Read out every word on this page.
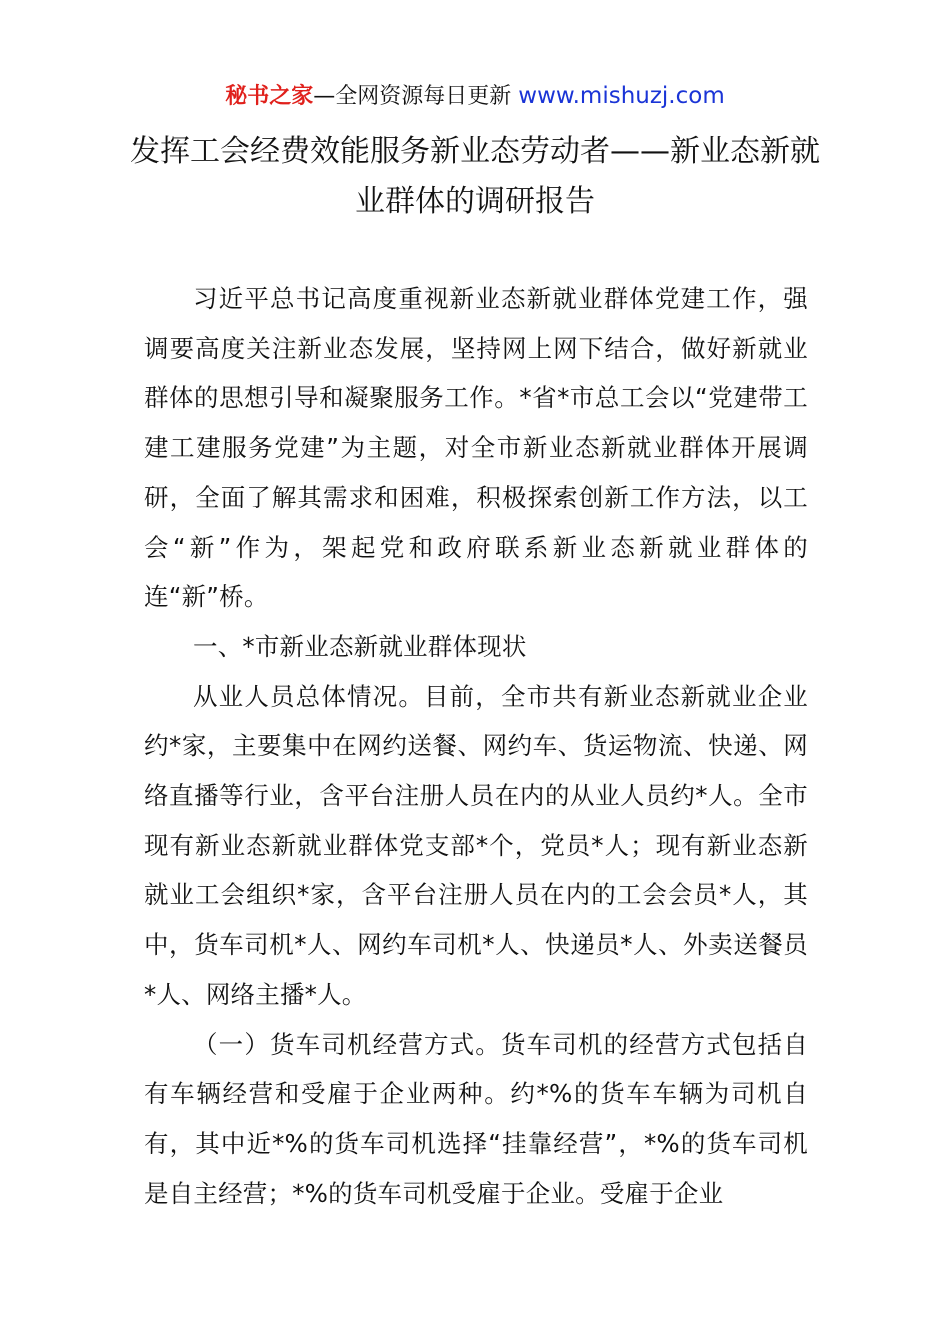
秘书之家—全网资源每日更新 www.mishuzj.com
发挥工会经费效能服务新业态劳动者——新业态新就业群体的调研报告

习近平总书记高度重视新业态新就业群体党建工作，强调要高度关注新业态发展，坚持网上网下结合，做好新就业群体的思想引导和凝聚服务工作。*省*市总工会以“党建带工建工建服务党建”为主题，对全市新业态新就业群体开展调研，全面了解其需求和困难，积极探索创新工作方法，以工会“新”作为，架起党和政府联系新业态新就业群体的连“新”桥。

一、*市新业态新就业群体现状

从业人员总体情况。目前，全市共有新业态新就业企业约*家，主要集中在网约送餐、网约车、货运物流、快递、网络直播等行业，含平台注册人员在内的从业人员约*人。全市现有新业态新就业群体党支部*个，党员*人；现有新业态新就业工会组织*家，含平台注册人员在内的工会会员*人，其中，货车司机*人、网约车司机*人、快递员*人、外卖送餐员*人、网络主播*人。

（一）货车司机经营方式。货车司机的经营方式包括自有车辆经营和受雇于企业两种。约*%的货车车辆为司机自有，其中近*%的货车司机选择“挂靠经营”，*%的货车司机是自主经营；*%的货车司机受雇于企业。受雇于企业
